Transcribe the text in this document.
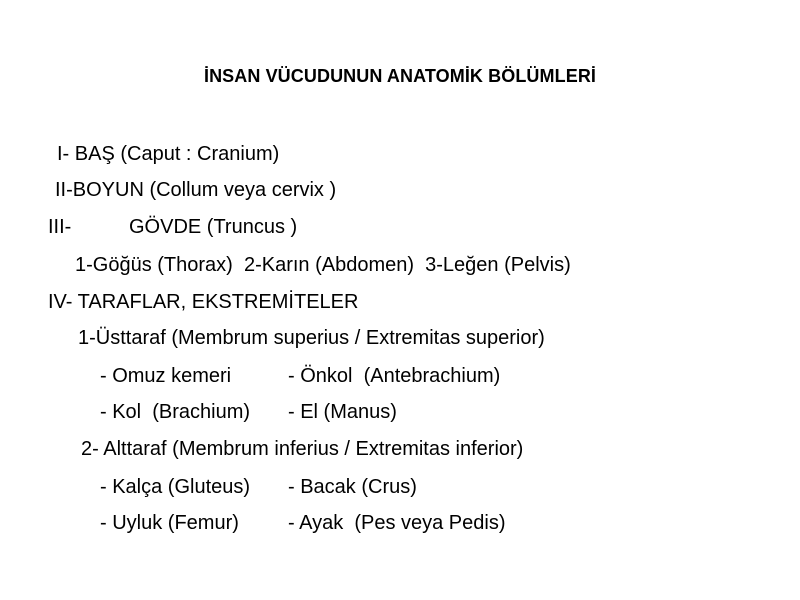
İNSAN VÜCUDUNUN ANATOMİK BÖLÜMLERİ
I- BAŞ (Caput : Cranium)
II-BOYUN (Collum veya cervix )
III-	GÖVDE (Truncus )
1-Göğüs (Thorax)  2-Karın (Abdomen)  3-Leğen (Pelvis)
IV- TARAFLAR, EKSTREMİTELER
1-Üsttaraf (Membrum superius / Extremitas superior)
- Omuz kemeri	- Önkol  (Antebrachium)
- Kol  (Brachium) - El (Manus)
2- Alttaraf (Membrum inferius / Extremitas inferior)
- Kalça (Gluteus) - Bacak (Crus)
- Uyluk (Femur) - Ayak  (Pes veya Pedis)
